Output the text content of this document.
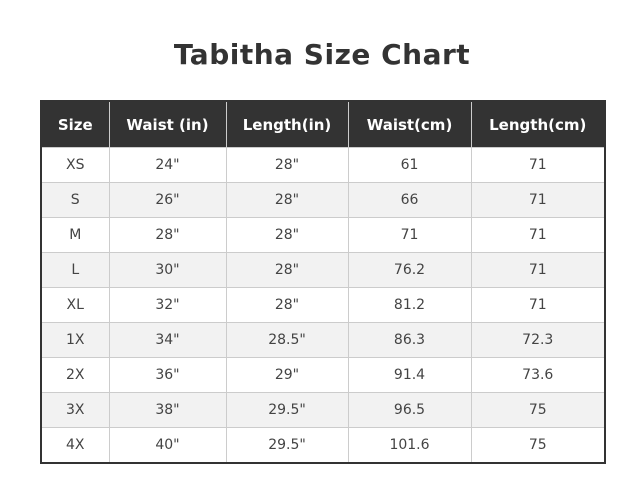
Tabitha Size Chart
Size	Waist (in)	Length(in)	Waist(cm)	Length(cm)
XS	24"	28"	61	71
S	26"	28"	66	71
M	28"	28"	71	71
L	30"	28"	76.2	71
XL	32"	28"	81.2	71
1X	34"	28.5"	86.3	72.3
2X	36"	29"	91.4	73.6
3X	38"	29.5"	96.5	75
4X	40"	29.5"	101.6	75
